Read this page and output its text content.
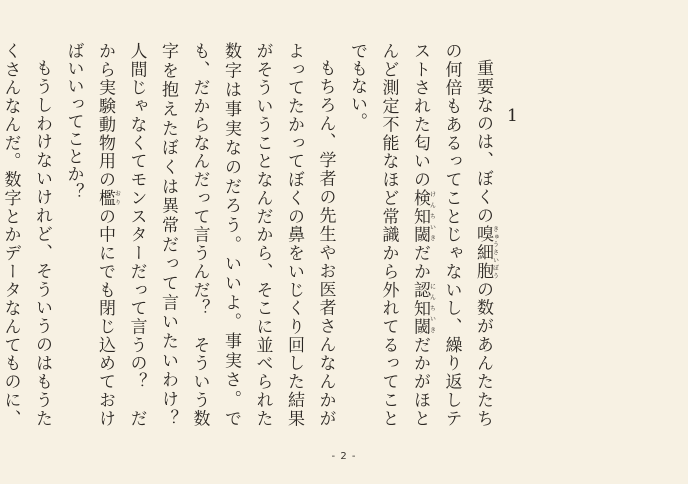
1

重要なのは、ぼくの嗅細胞きゅうさいぼうの数があんたたちの何倍もあるってことじゃないし、繰り返しテストされた匂いの検知閾けんちいきだか認知閾にんちいきだかがほとんど測定不能なほど常識から外れてるってことでもない。

もちろん、学者の先生やお医者さんなんかがよってたかってぼくの鼻をいじくり回した結果がそういうことなんだから、そこに並べられた数字は事実なのだろう。いいよ。事実さ。でも、だからなんだって言うんだ？　そういう数字を抱えたぼくは異常だって言いたいわけ？　人間じゃなくてモンスターだって言うの？　だから実験動物用の檻おりの中にでも閉じ込めておけばいいってことか？

もうしわけないけれど、そういうのはもうたくさんなんだ。数字とかデータなんてものに、

- 2 -
